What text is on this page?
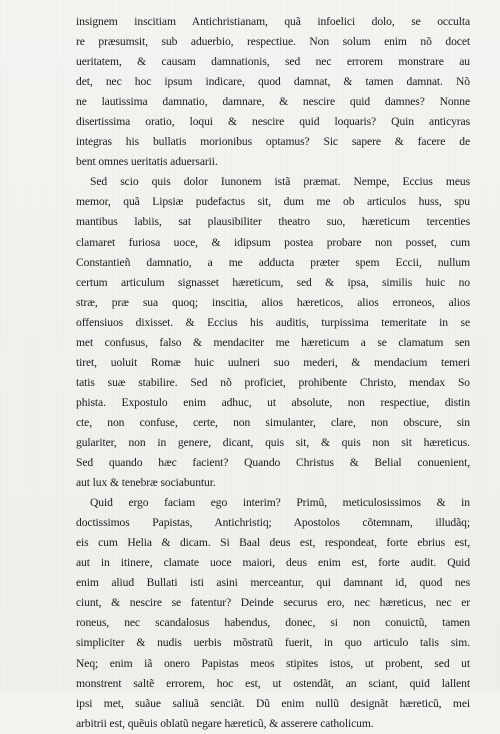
insignem inscitiam Antichristianam, quã infoelici dolo, se occulta
re præsumsit, sub aduerbio, respectiue. Non solum enim nõ docet
ueritatem, & causam damnationis, sed nec errorem monstrare au
det, nec hoc ipsum indicare, quod damnat, & tamen damnat. Nõ
ne lautissima damnatio, damnare, & nescire quid damnes? Nonne
disertissima oratio, loqui & nescire quid loquaris? Quin anticyras
integras his bullatis morionibus optamus? Sic sapere & facere de
bent omnes ueritatis aduersarii.
Sed scio quis dolor Iunonem istã præmat. Nempe, Eccius meus
memor, quã Lipsiæ pudefactus sit, dum me ob articulos huss, spu
mantibus labiis, sat plausibiliter theatro suo, hæreticum tercenties
clamaret furiosa uoce, & idipsum postea probare non posset, cum
Constantieñ damnatio, a me adducta præter spem Eccii, nullum
certum articulum signasset hæreticum, sed & ipsa, similis huic no
stræ, præ sua quoq; inscitia, alios hæreticos, alios erroneos, alios
offensiuos dixisset. & Eccius his auditis, turpissima temeritate in se
met confusus, falso & mendaciter me hæreticum a se clamatum sen
tiret, uoluit Romæ huic uulneri suo mederi, & mendacium temeri
tatis suæ stabilire. Sed nõ proficiet, prohibente Christo, mendax So
phista. Expostulo enim adhuc, ut absolute, non respectiue, distin
cte, non confuse, certe, non simulanter, clare, non obscure, sin
gulariter, non in genere, dicant, quis sit, & quis non sit hæreticus.
Sed quando hæc facient? Quando Christus & Belial conuenient,
aut lux & tenebræ sociabuntur.
Quid ergo faciam ego interim? Primũ, meticulosissimos & in
doctissimos Papistas, Antichristiq; Apostolos cõtemnam, illudãq;
eis cum Helia & dicam. Si Baal deus est, respondeat, forte ebrius est,
aut in itinere, clamate uoce maiori, deus enim est, forte audit. Quid
enim aliud Bullati isti asini merceantur, qui damnant id, quod nes
ciunt, & nescire se fatentur? Deinde securus ero, nec hæreticus, nec er
roneus, nec scandalosus habendus, donec, si non conuictũ, tamen
simpliciter & nudis uerbis mõstratũ fuerit, in quo articulo talis sim.
Neq; enim iã onero Papistas meos stipites istos, ut probent, sed ut
monstrent saltẽ errorem, hoc est, ut ostendãt, an sciant, quid lallent
ipsi met, suãue saliuã senciãt. Dũ enim nullũ designãt hæreticũ, mei
arbitrii est, quẽuis oblatũ negare hæreticũ, & asserere catholicum.
